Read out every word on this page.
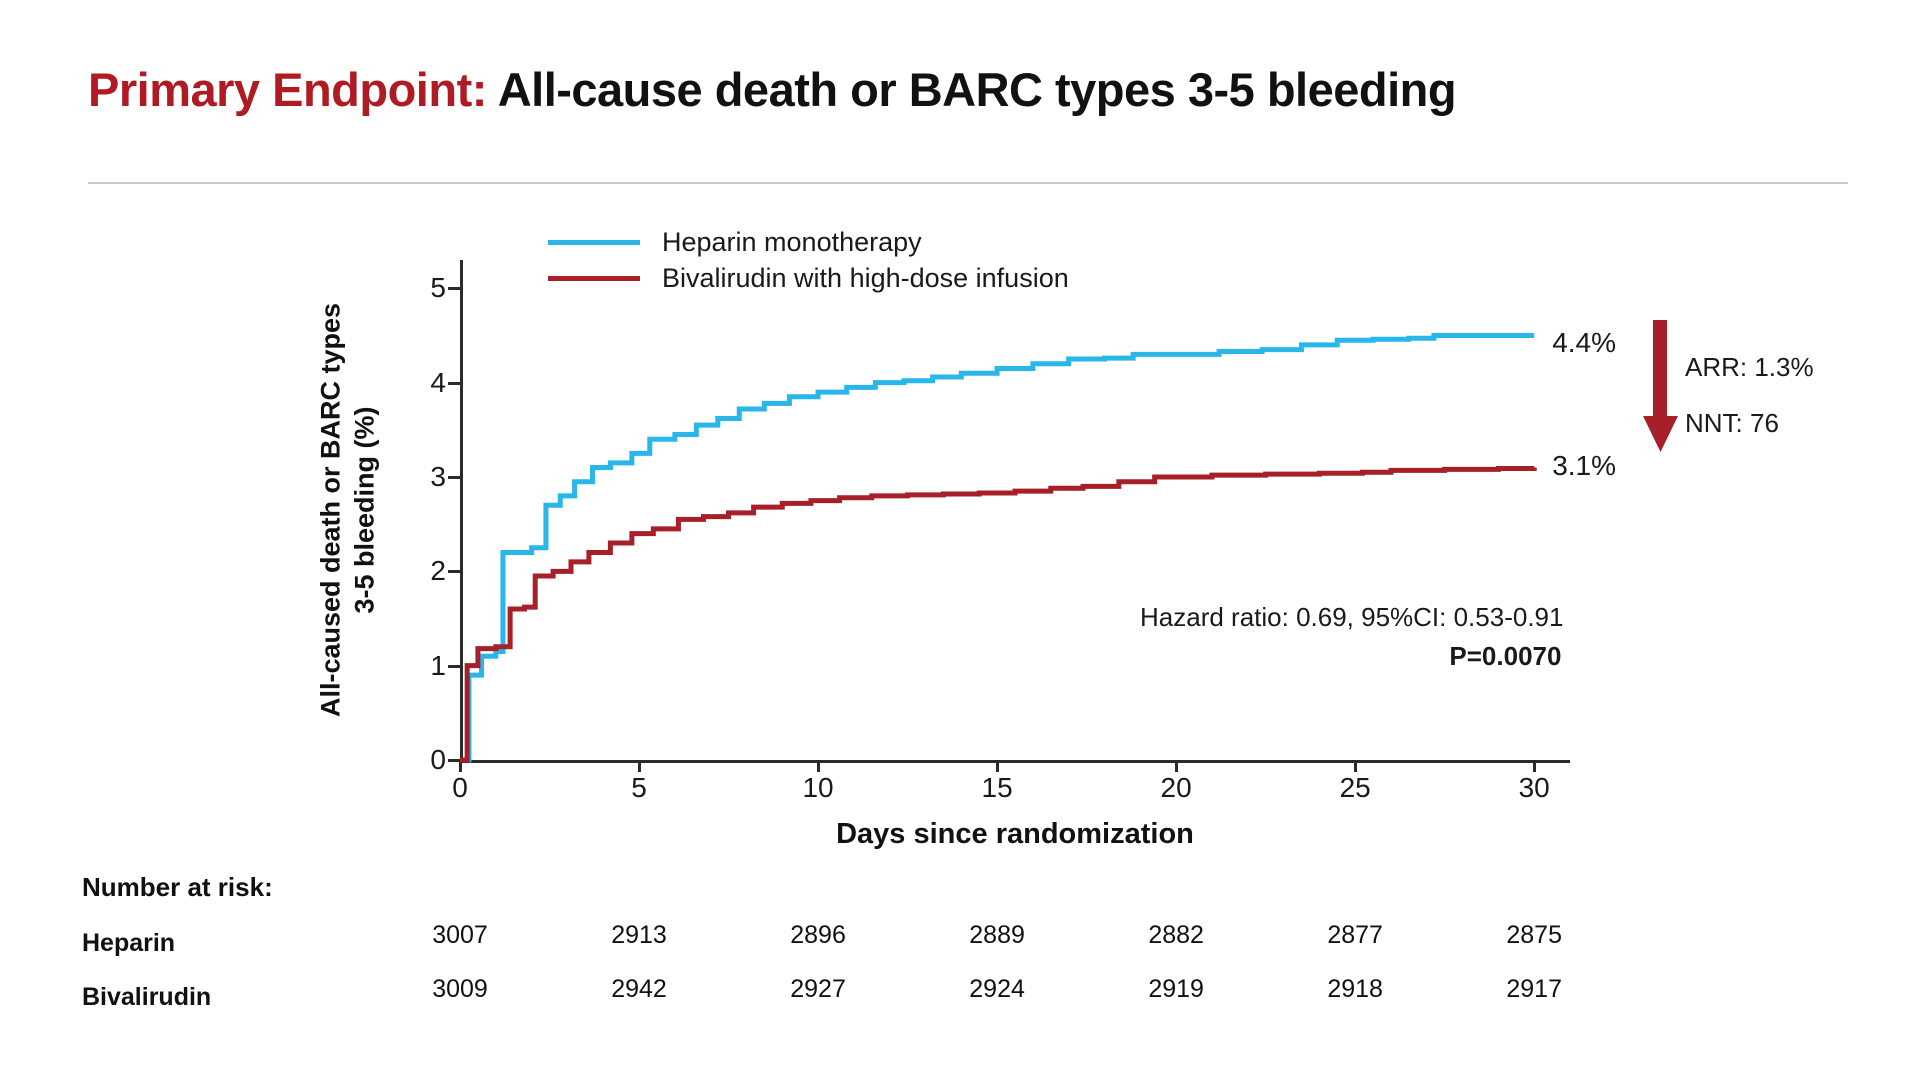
Primary Endpoint: All-cause death or BARC types 3-5 bleeding
0
1
2
3
4
5
0	5	10	15	20	25	30
Heparin monotherapy
Bivalirudin with high-dose infusion
All-caused death or BARC types 3-5 bleeding (%)
Days since randomization
4.4%
3.1%
Hazard ratio: 0.69, 95%CI: 0.53-0.91
P=0.0070
ARR: 1.3%
NNT: 76
Number at risk:
Heparin	3007	2913	2896	2889	2882	2877	2875
Bivalirudin	3009	2942	2927	2924	2919	2918	2917
